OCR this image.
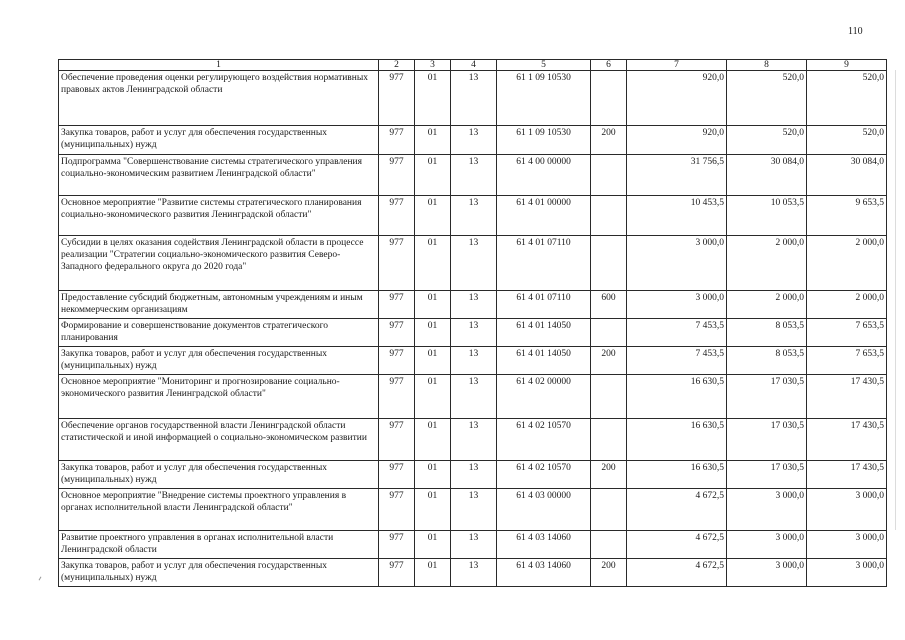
110
1	2	3	4	5	6	7	8	9
Обеспечение проведения оценки регулирующего воздействия нормативных правовых актов Ленинградской области	977	01	13	61 1 09 10530		920,0	520,0	520,0
Закупка товаров, работ и услуг для обеспечения государственных (муниципальных) нужд	977	01	13	61 1 09 10530	200	920,0	520,0	520,0
Подпрограмма "Совершенствование системы стратегического управления социально-экономическим развитием Ленинградской области"	977	01	13	61 4 00 00000		31 756,5	30 084,0	30 084,0
Основное мероприятие "Развитие системы стратегического планирования социально-экономического развития Ленинградской области"	977	01	13	61 4 01 00000		10 453,5	10 053,5	9 653,5
Субсидии в целях оказания содействия Ленинградской области в процессе реализации "Стратегии социально-экономического развития Северо-Западного федерального округа до 2020 года"	977	01	13	61 4 01 07110		3 000,0	2 000,0	2 000,0
Предоставление субсидий бюджетным, автономным учреждениям и иным некоммерческим организациям	977	01	13	61 4 01 07110	600	3 000,0	2 000,0	2 000,0
Формирование и совершенствование документов стратегического планирования	977	01	13	61 4 01 14050		7 453,5	8 053,5	7 653,5
Закупка товаров, работ и услуг для обеспечения государственных (муниципальных) нужд	977	01	13	61 4 01 14050	200	7 453,5	8 053,5	7 653,5
Основное мероприятие "Мониторинг и прогнозирование социально-экономического развития Ленинградской области"	977	01	13	61 4 02 00000		16 630,5	17 030,5	17 430,5
Обеспечение органов государственной власти Ленинградской области статистической и иной информацией о социально-экономическом развитии	977	01	13	61 4 02 10570		16 630,5	17 030,5	17 430,5
Закупка товаров, работ и услуг для обеспечения государственных (муниципальных) нужд	977	01	13	61 4 02 10570	200	16 630,5	17 030,5	17 430,5
Основное мероприятие "Внедрение системы проектного управления в органах исполнительной власти Ленинградской области"	977	01	13	61 4 03 00000		4 672,5	3 000,0	3 000,0
Развитие проектного управления в органах исполнительной власти Ленинградской области	977	01	13	61 4 03 14060		4 672,5	3 000,0	3 000,0
Закупка товаров, работ и услуг для обеспечения государственных (муниципальных) нужд	977	01	13	61 4 03 14060	200	4 672,5	3 000,0	3 000,0
